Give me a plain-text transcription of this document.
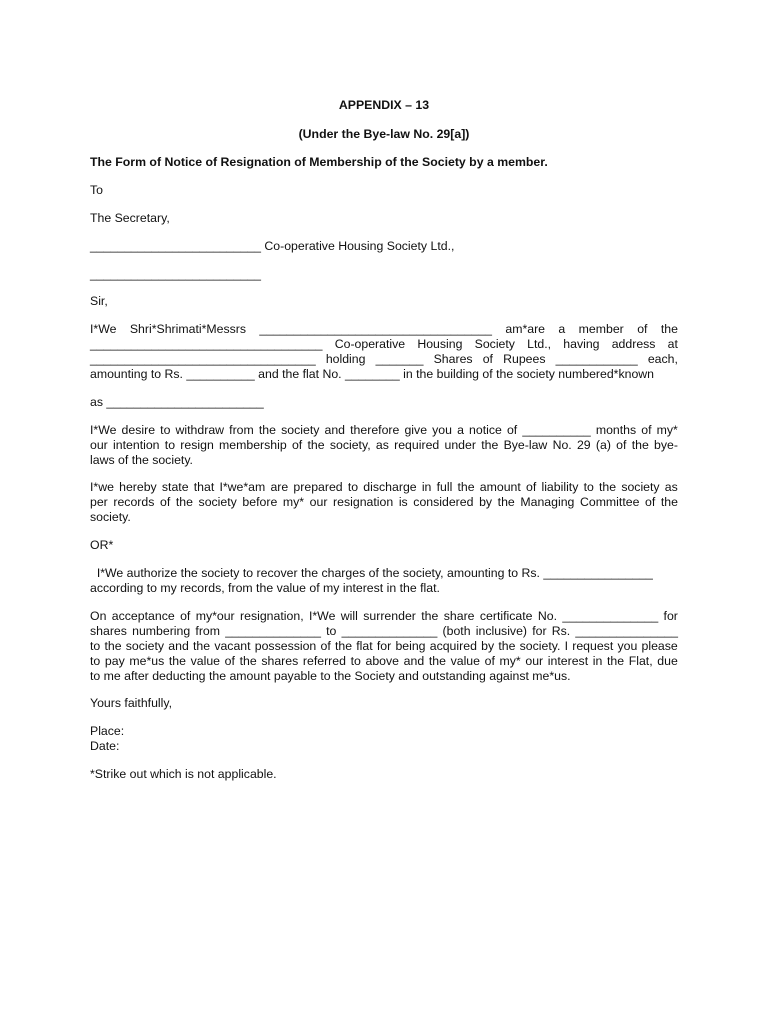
APPENDIX – 13
(Under the Bye-law No. 29[a])
The Form of Notice of Resignation of Membership of the Society by a member.
To
The Secretary,
_________________________ Co-operative Housing Society Ltd.,
_________________________
Sir,
I*We Shri*Shrimati*Messrs __________________________________ am*are a member of the
__________________________________ Co-operative Housing Society Ltd., having address at
_________________________________ holding _______ Shares of Rupees ____________ each,
amounting to Rs. __________ and the flat No. ________ in the building of the society numbered*known
as _______________________
I*We desire to withdraw from the society and therefore give you a notice of __________ months of my*
our intention to resign membership of the society, as required under the Bye-law No. 29 (a) of the bye-
laws of the society.
I*we hereby state that I*we*am are prepared to discharge in full the amount of liability to the society as
per records of the society before my* our resignation is considered by the Managing Committee of the
society.
OR*
I*We authorize the society to recover the charges of the society, amounting to Rs. ________________
according to my records, from the value of my interest in the flat.
On acceptance of my*our resignation, I*We will surrender the share certificate No. ______________ for
shares numbering from ______________ to ______________ (both inclusive) for Rs. _______________
to the society and the vacant possession of the flat for being acquired by the society. I request you please
to pay me*us the value of the shares referred to above and the value of my* our interest in the Flat, due
to me after deducting the amount payable to the Society and outstanding against me*us.
Yours faithfully,
Place:
Date:
*Strike out which is not applicable.
